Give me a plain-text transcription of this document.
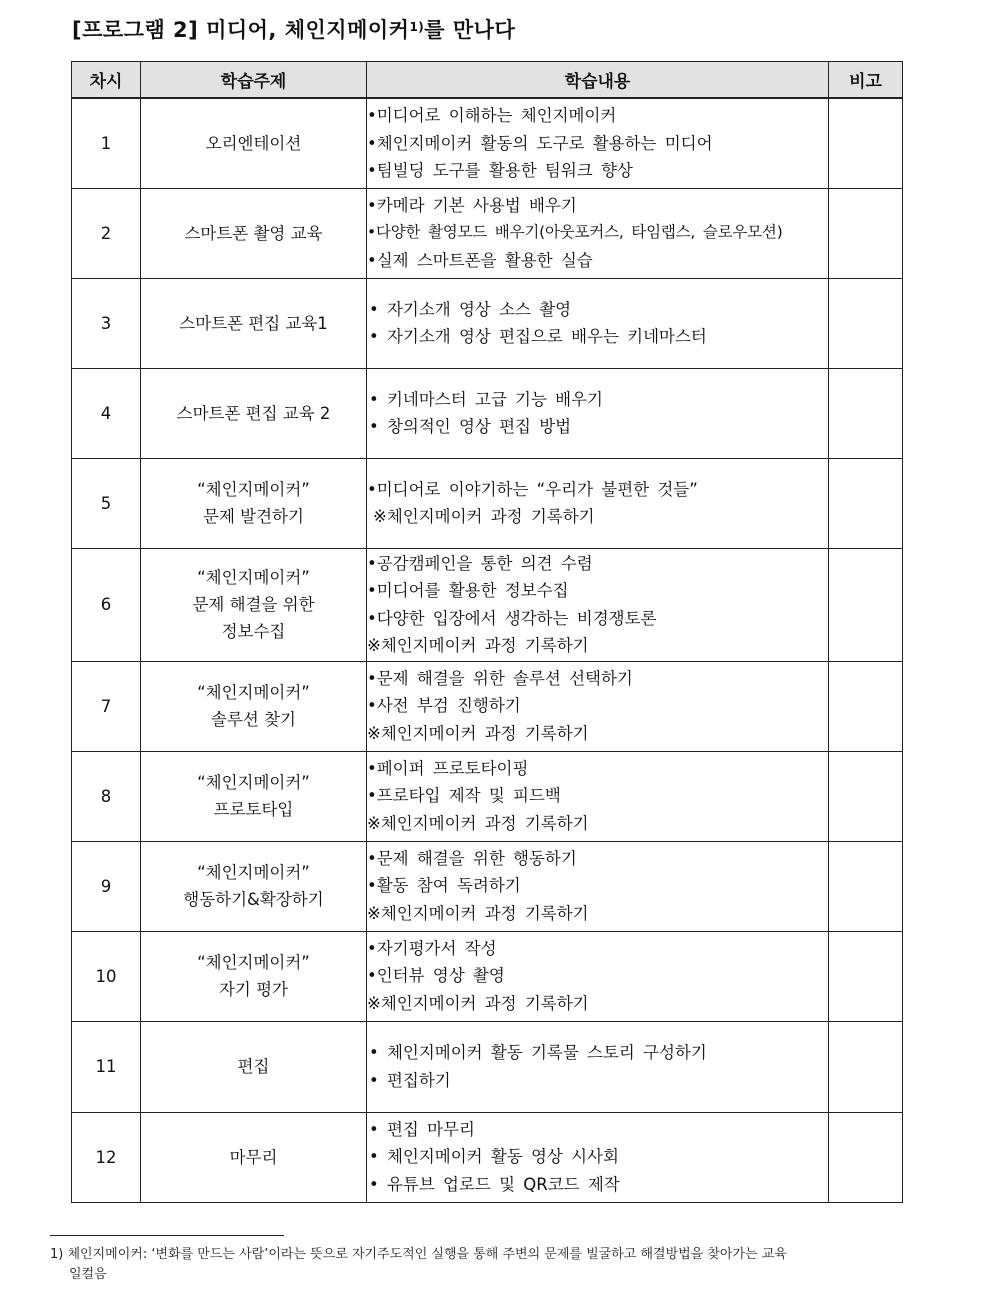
[프로그램 2] 미디어, 체인지메이커$^{1)}$를 만나다
차시	학습주제	학습내용	비고
1	오리엔테이션	•미디어로 이해하는 체인지메이커
•체인지메이커 활동의 도구로 활용하는 미디어
•팀빌딩 도구를 활용한 팀워크 향상	

2	스마트폰 촬영 교육	•카메라 기본 사용법 배우기
•다양한 촬영모드 배우기(아웃포커스, 타임랩스, 슬로우모션)
•실제 스마트폰을 활용한 실습	

3	스마트폰 편집 교육1	• 자기소개 영상 소스 촬영
• 자기소개 영상 편집으로 배우는 키네마스터	

4	스마트폰 편집 교육 2	• 키네마스터 고급 기능 배우기
• 창의적인 영상 편집 방법	

5	“체인지메이커”
문제 발견하기	•미디어로 이야기하는 “우리가 불편한 것들”
※체인지메이커 과정 기록하기	

6	“체인지메이커”
문제 해결을 위한
정보수집	•공감캠페인을 통한 의견 수렴
•미디어를 활용한 정보수집
•다양한 입장에서 생각하는 비경쟁토론
※체인지메이커 과정 기록하기	

7	“체인지메이커”
솔루션 찾기	•문제 해결을 위한 솔루션 선택하기
•사전 부검 진행하기
※체인지메이커 과정 기록하기	

8	“체인지메이커”
프로토타입	•페이퍼 프로토타이핑
•프로타입 제작 및 피드백
※체인지메이커 과정 기록하기	

9	“체인지메이커”
행동하기&확장하기	•문제 해결을 위한 행동하기
•활동 참여 독려하기
※체인지메이커 과정 기록하기	

10	“체인지메이커”
자기 평가	•자기평가서 작성
•인터뷰 영상 촬영
※체인지메이커 과정 기록하기	

11	편집	• 체인지메이커 활동 기록물 스토리 구성하기
• 편집하기	

12	마무리	• 편집 마무리
• 체인지메이커 활동 영상 시사회
• 유튜브 업로드 및 QR코드 제작	

1) 체인지메이커: ‘변화를 만드는 사람’이라는 뜻으로 자기주도적인 실행을 통해 주변의 문제를 빌굴하고 해결방법을 찾아가는 교육
일컬음
